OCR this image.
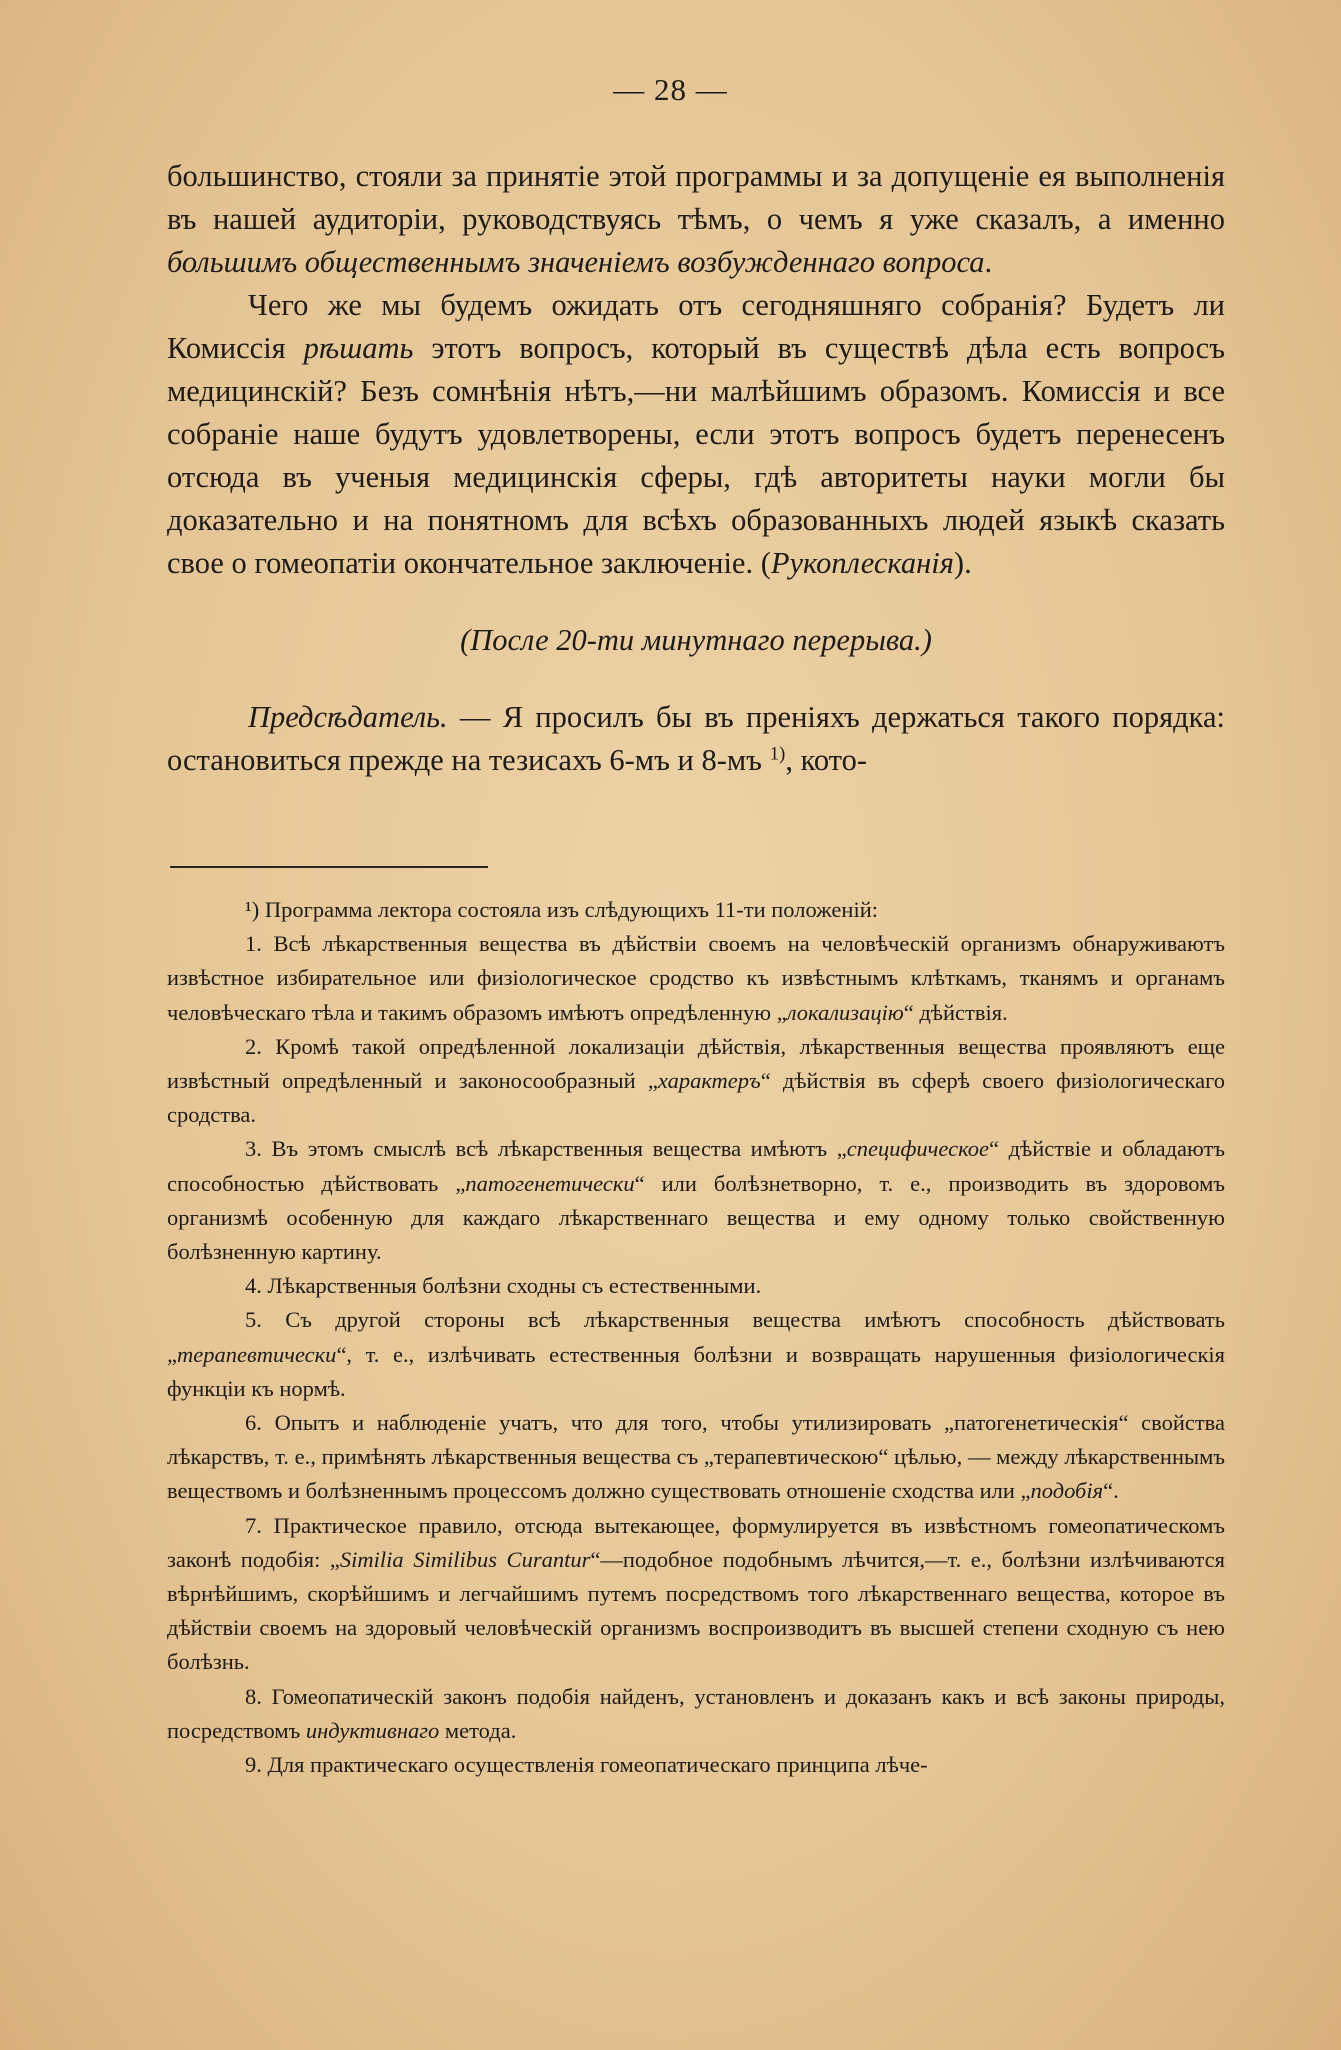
— 28 —

большинство, стояли за принятіе этой программы и за допущеніе ея выполненія въ нашей аудиторіи, руководствуясь тѣмъ, о чемъ я уже сказалъ, а именно большимъ общественнымъ значеніемъ возбужденнаго вопроса.

Чего же мы будемъ ожидать отъ сегодняшняго собранія? Будетъ ли Комиссія рѣшать этотъ вопросъ, который въ существѣ дѣла есть вопросъ медицинскій? Безъ сомнѣнія нѣтъ,—ни малѣйшимъ образомъ. Комиссія и все собраніе наше будутъ удовлетворены, если этотъ вопросъ будетъ перенесенъ отсюда въ ученыя медицинскія сферы, гдѣ авторитеты науки могли бы доказательно и на понятномъ для всѣхъ образованныхъ людей языкѣ сказать свое о гомеопатіи окончательное заключеніе. (Рукоплесканія).

(После 20-ти минутнаго перерыва.)

Предсѣдатель. — Я просилъ бы въ преніяхъ держаться такого порядка: остановиться прежде на тезисахъ 6-мъ и 8-мъ $^{1)}$, кото-

¹) Программа лектора состояла изъ слѣдующихъ 11-ти положеній:

1. Всѣ лѣкарственныя вещества въ дѣйствіи своемъ на человѣческій организмъ обнаруживаютъ извѣстное избирательное или физіологическое сродство къ извѣстнымъ клѣткамъ, тканямъ и органамъ человѣческаго тѣла и такимъ образомъ имѣютъ опредѣленную „локализацію“ дѣйствія.

2. Кромѣ такой опредѣленной локализаціи дѣйствія, лѣкарственныя вещества проявляютъ еще извѣстный опредѣленный и законосообразный „характеръ“ дѣйствія въ сферѣ своего физіологическаго сродства.

3. Въ этомъ смыслѣ всѣ лѣкарственныя вещества имѣютъ „специфическое“ дѣйствіе и обладаютъ способностью дѣйствовать „патогенетически“ или болѣзнетворно, т. е., производить въ здоровомъ организмѣ особенную для каждаго лѣкарственнаго вещества и ему одному только свойственную болѣзненную картину.

4. Лѣкарственныя болѣзни сходны съ естественными.

5. Съ другой стороны всѣ лѣкарственныя вещества имѣютъ способность дѣйствовать „терапевтически“, т. е., излѣчивать естественныя болѣзни и возвращать нарушенныя физіологическія функціи къ нормѣ.

6. Опытъ и наблюденіе учатъ, что для того, чтобы утилизировать „патогенетическія“ свойства лѣкарствъ, т. е., примѣнять лѣкарственныя вещества съ „терапевтическою“ цѣлью, — между лѣкарственнымъ веществомъ и болѣзненнымъ процессомъ должно существовать отношеніе сходства или „подобія“.

7. Практическое правило, отсюда вытекающее, формулируется въ извѣстномъ гомеопатическомъ законѣ подобія: „Similia Similibus Curantur“—подобное подобнымъ лѣчится,—т. е., болѣзни излѣчиваются вѣрнѣйшимъ, скорѣйшимъ и легчайшимъ путемъ посредствомъ того лѣкарственнаго вещества, которое въ дѣйствіи своемъ на здоровый человѣческій организмъ воспроизводитъ въ высшей степени сходную съ нею болѣзнь.

8. Гомеопатическій законъ подобія найденъ, установленъ и доказанъ какъ и всѣ законы природы, посредствомъ индуктивнаго метода.

9. Для практическаго осуществленія гомеопатическаго принципа лѣче-
